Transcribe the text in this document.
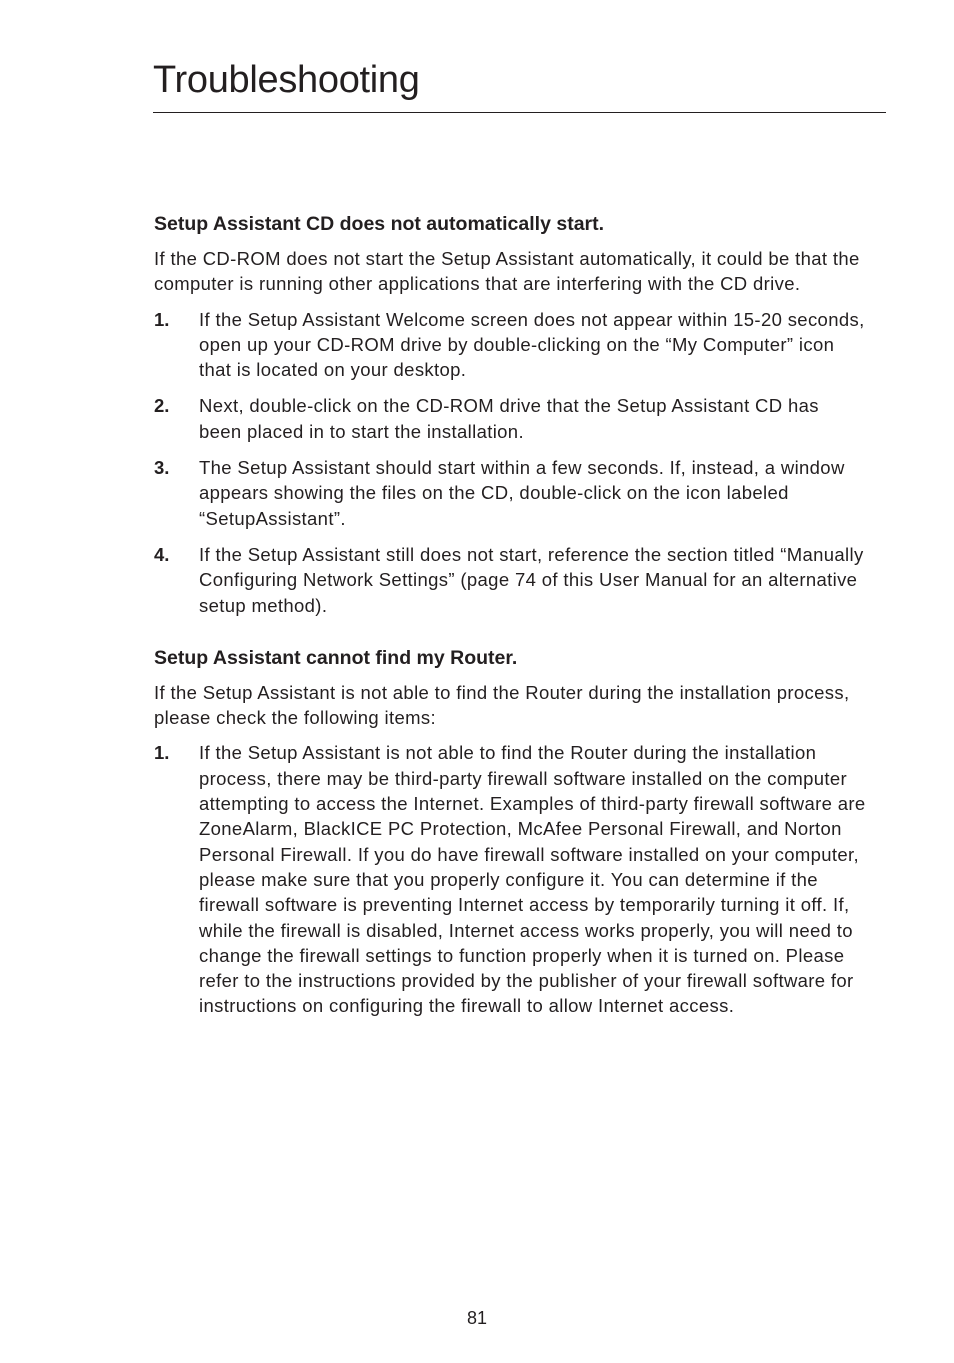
Troubleshooting
Setup Assistant CD does not automatically start.

If the CD-ROM does not start the Setup Assistant automatically, it could be that the computer is running other applications that are interfering with the CD drive.

1.	If the Setup Assistant Welcome screen does not appear within 15-20 seconds, open up your CD-ROM drive by double-clicking on the “My Computer” icon that is located on your desktop.
2.	Next, double-click on the CD-ROM drive that the Setup Assistant CD has been placed in to start the installation.
3.	The Setup Assistant should start within a few seconds. If, instead, a window appears showing the files on the CD, double-click on the icon labeled “SetupAssistant”.
4.	If the Setup Assistant still does not start, reference the section titled “Manually Configuring Network Settings” (page 74 of this User Manual for an alternative setup method).
Setup Assistant cannot find my Router.

If the Setup Assistant is not able to find the Router during the installation process, please check the following items:

1.	If the Setup Assistant is not able to find the Router during the installation process, there may be third-party firewall software installed on the computer attempting to access the Internet. Examples of third-party firewall software are ZoneAlarm, BlackICE PC Protection, McAfee Personal Firewall, and Norton Personal Firewall. If you do have firewall software installed on your computer, please make sure that you properly configure it. You can determine if the firewall software is preventing Internet access by temporarily turning it off. If, while the firewall is disabled, Internet access works properly, you will need to change the firewall settings to function properly when it is turned on. Please refer to the instructions provided by the publisher of your firewall software for instructions on configuring the firewall to allow Internet access.
81
